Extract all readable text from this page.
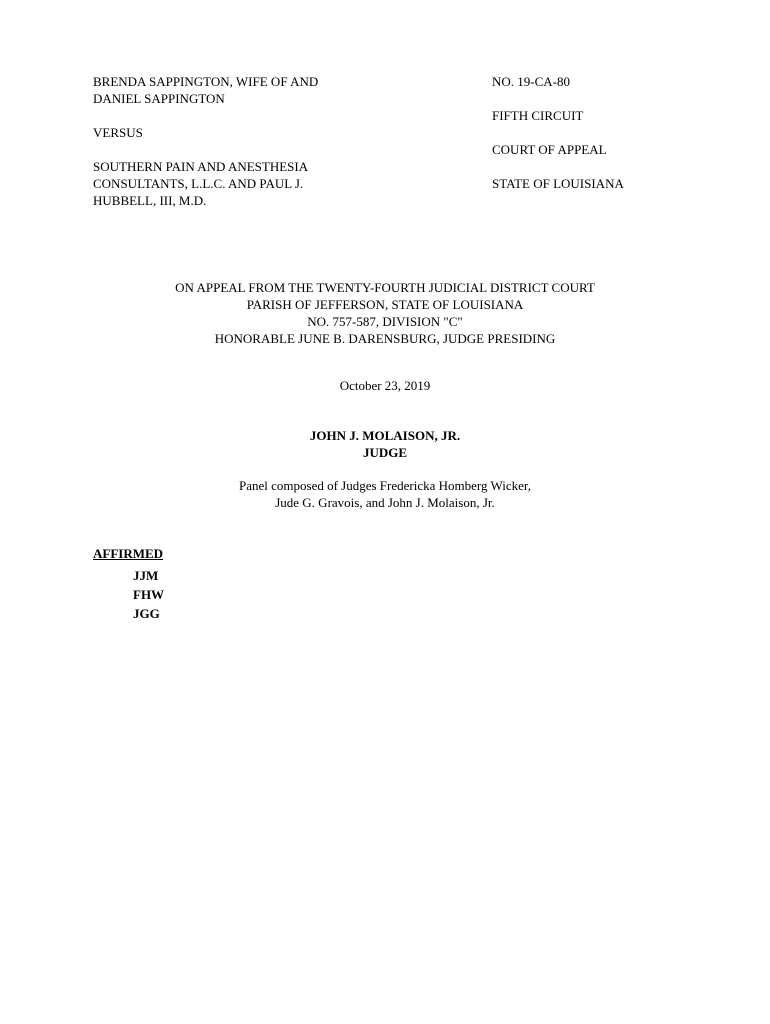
BRENDA SAPPINGTON, WIFE OF AND
DANIEL SAPPINGTON
VERSUS
SOUTHERN PAIN AND ANESTHESIA
CONSULTANTS, L.L.C. AND PAUL J.
HUBBELL, III, M.D.
NO. 19-CA-80
FIFTH CIRCUIT
COURT OF APPEAL
STATE OF LOUISIANA
ON APPEAL FROM THE TWENTY-FOURTH JUDICIAL DISTRICT COURT
PARISH OF JEFFERSON, STATE OF LOUISIANA
NO. 757-587, DIVISION "C"
HONORABLE JUNE B. DARENSBURG, JUDGE PRESIDING
October 23, 2019
JOHN J. MOLAISON, JR.
JUDGE
Panel composed of Judges Fredericka Homberg Wicker,
Jude G. Gravois, and John J. Molaison, Jr.
AFFIRMED
JJM
FHW
JGG
